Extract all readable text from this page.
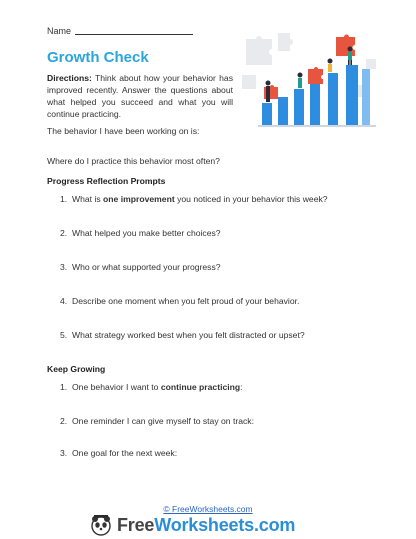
Name
Growth Check
Directions: Think about how your behavior has improved recently. Answer the questions about what helped you succeed and what you will continue practicing.
The behavior I have been working on is:
Where do I practice this behavior most often?
Progress Reflection Prompts
1. What is one improvement you noticed in your behavior this week?
2. What helped you make better choices?
3. Who or what supported your progress?
4. Describe one moment when you felt proud of your behavior.
5. What strategy worked best when you felt distracted or upset?
Keep Growing
1. One behavior I want to continue practicing:
2. One reminder I can give myself to stay on track:
3. One goal for the next week:
© FreeWorksheets.com
FreeWorksheets.com
